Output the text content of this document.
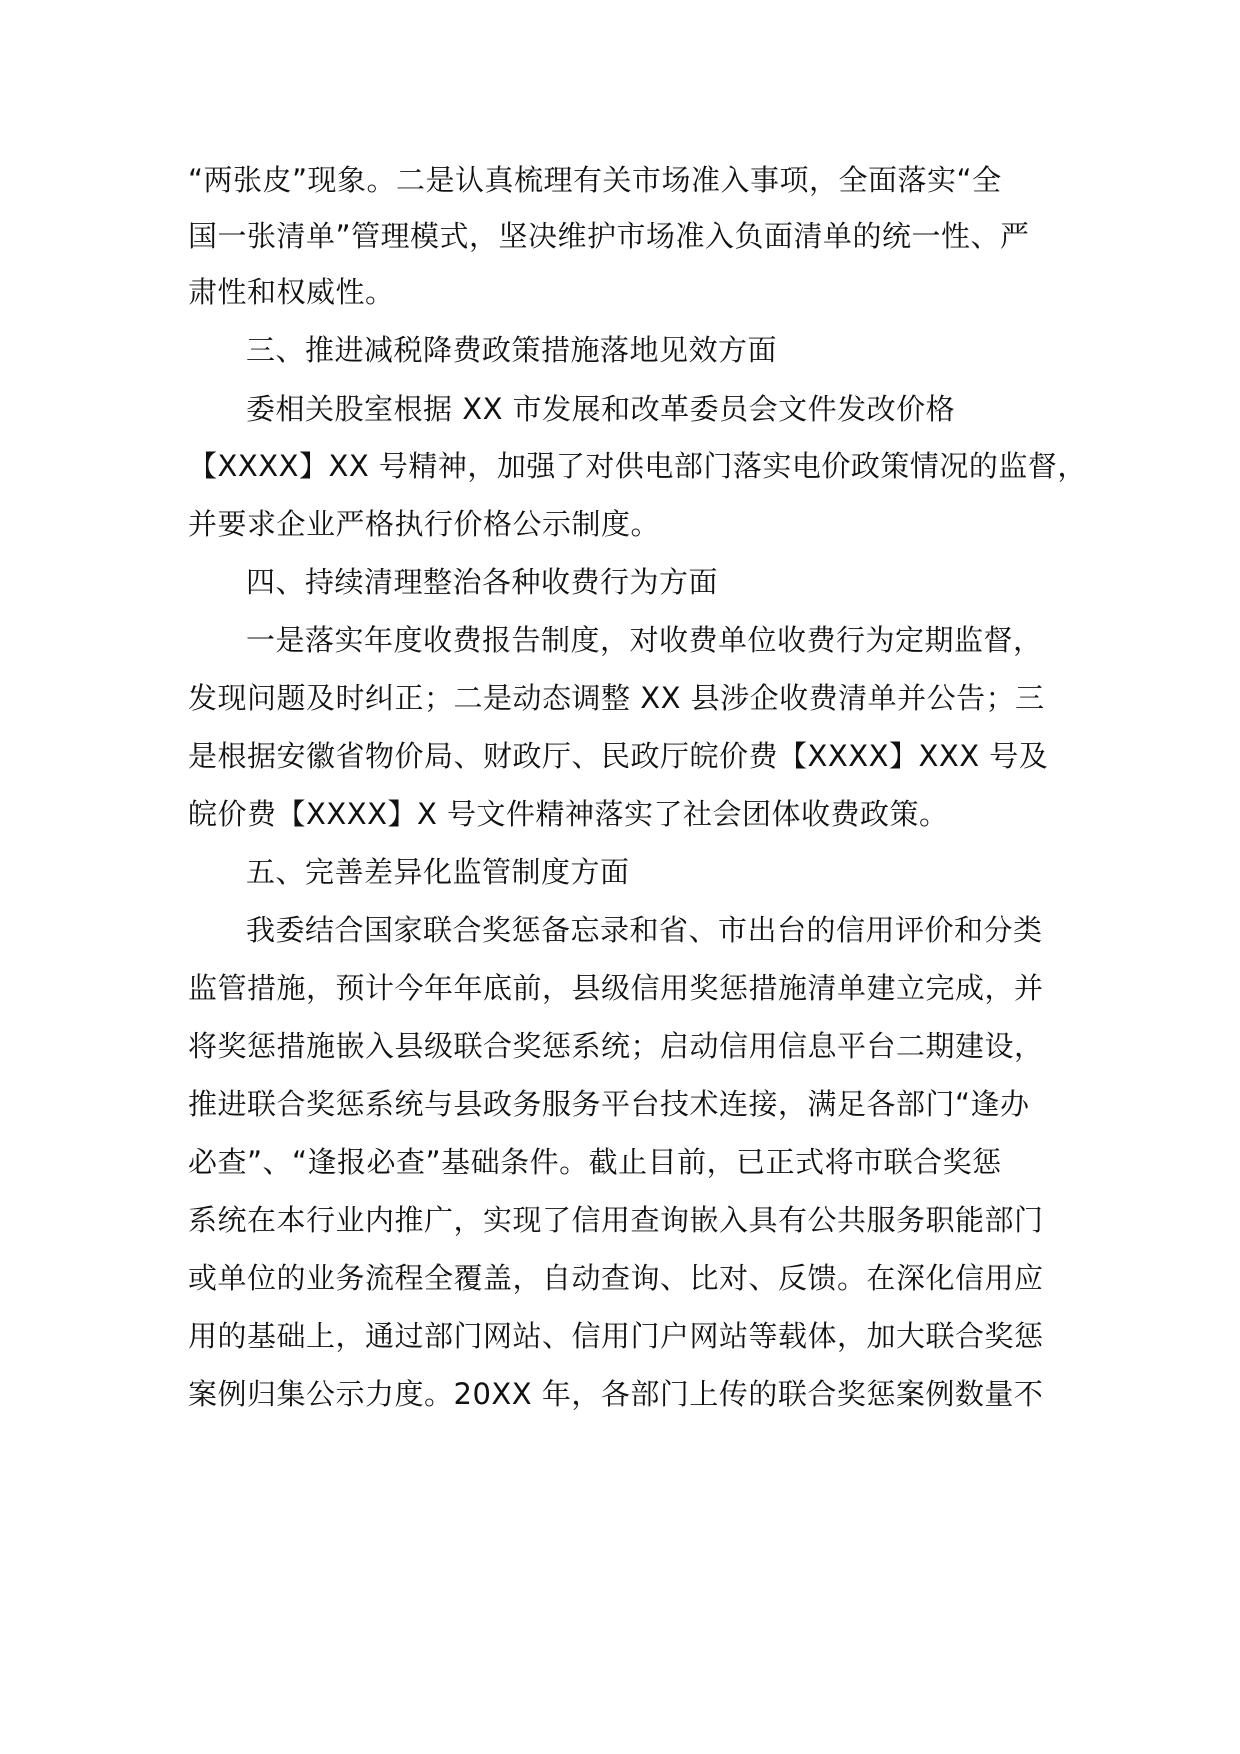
“两张皮”现象。二是认真梳理有关市场准入事项，全面落实“全
国一张清单”管理模式，坚决维护市场准入负面清单的统一性、严
肃性和权威性。
三、推进减税降费政策措施落地见效方面
委相关股室根据 XX 市发展和改革委员会文件发改价格
【XXXX】XX 号精神，加强了对供电部门落实电价政策情况的监督，
并要求企业严格执行价格公示制度。
四、持续清理整治各种收费行为方面
一是落实年度收费报告制度，对收费单位收费行为定期监督，
发现问题及时纠正；二是动态调整 XX 县涉企收费清单并公告；三
是根据安徽省物价局、财政厅、民政厅皖价费【XXXX】XXX 号及
皖价费【XXXX】X 号文件精神落实了社会团体收费政策。
五、完善差异化监管制度方面
我委结合国家联合奖惩备忘录和省、市出台的信用评价和分类
监管措施，预计今年年底前，县级信用奖惩措施清单建立完成，并
将奖惩措施嵌入县级联合奖惩系统；启动信用信息平台二期建设，
推进联合奖惩系统与县政务服务平台技术连接，满足各部门“逢办
必查”、“逢报必查”基础条件。截止目前，已正式将市联合奖惩
系统在本行业内推广，实现了信用查询嵌入具有公共服务职能部门
或单位的业务流程全覆盖，自动查询、比对、反馈。在深化信用应
用的基础上，通过部门网站、信用门户网站等载体，加大联合奖惩
案例归集公示力度。20XX 年，各部门上传的联合奖惩案例数量不
